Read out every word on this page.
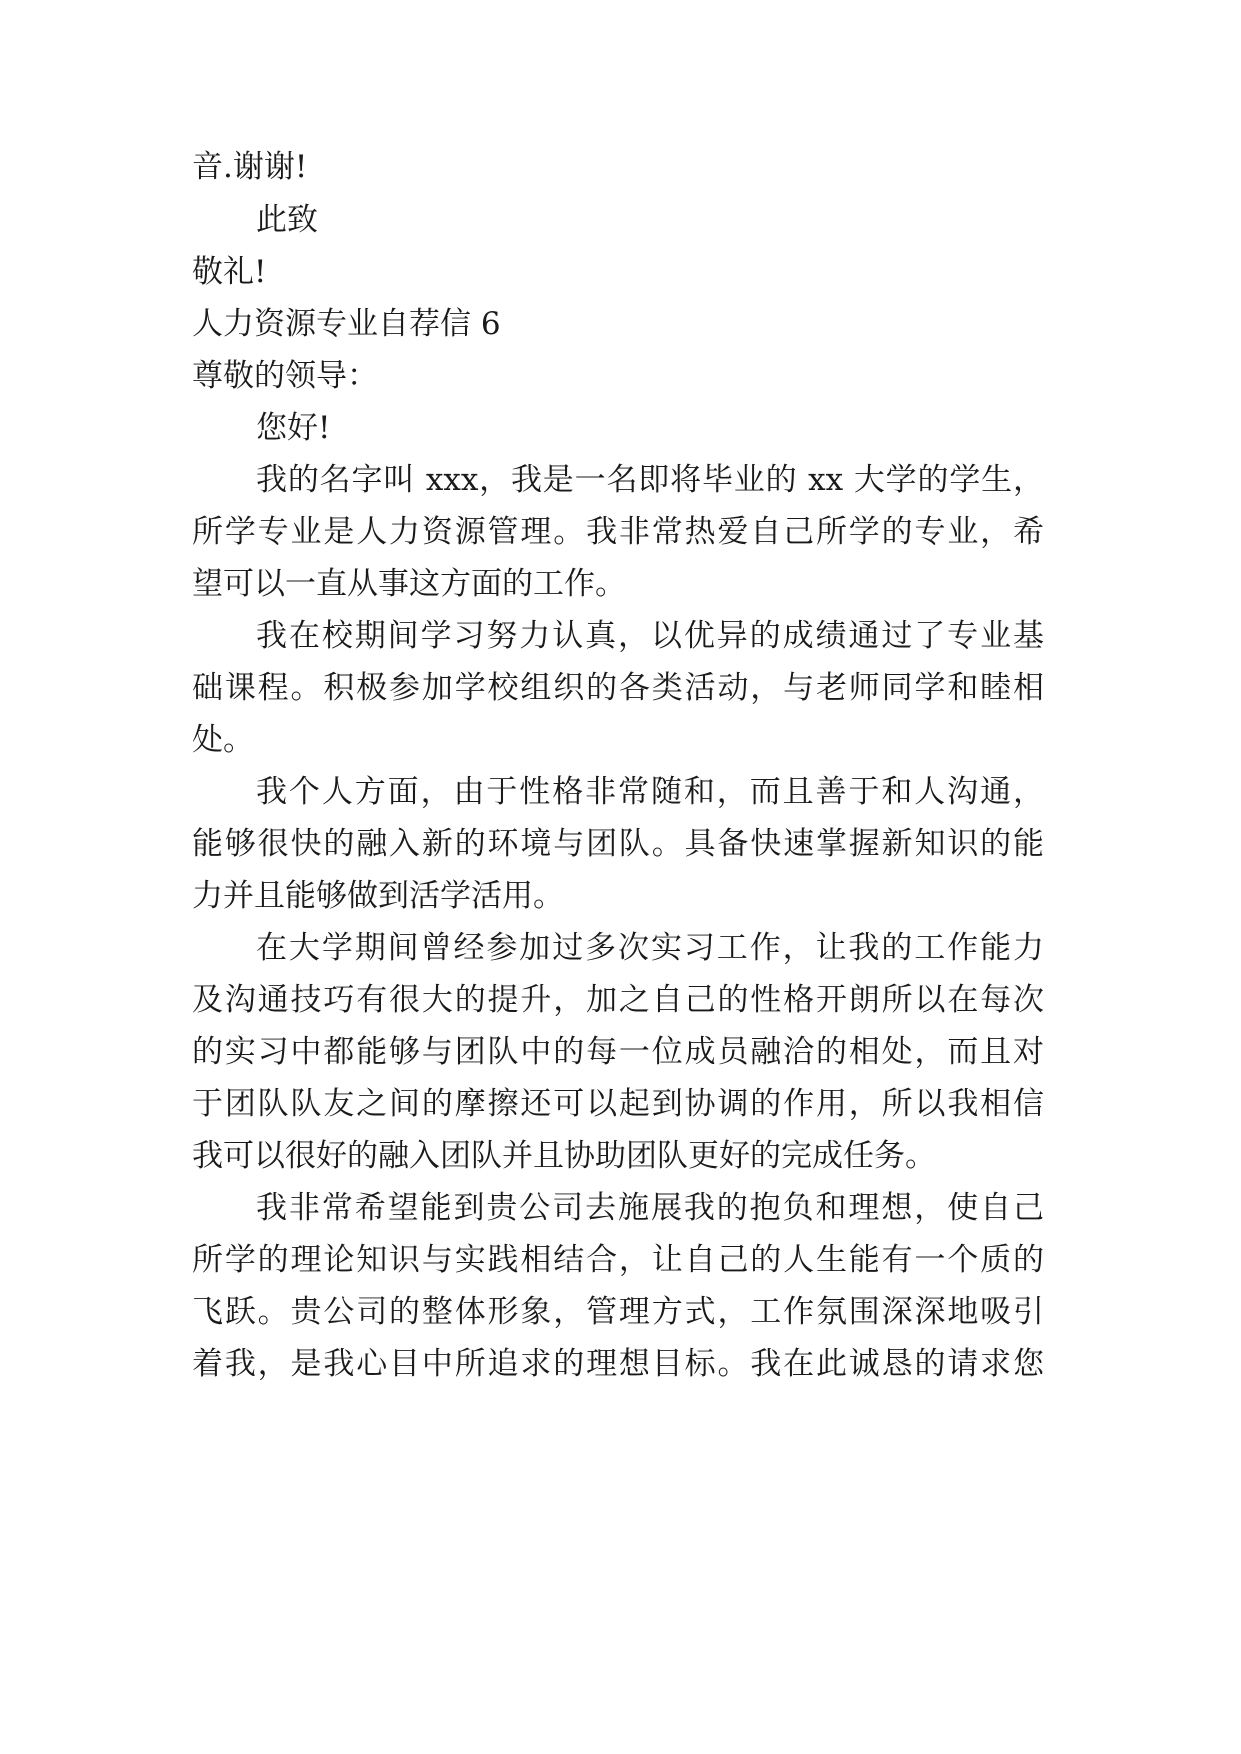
音.谢谢!
此致
敬礼!
人力资源专业自荐信 6
尊敬的领导：
您好!
我的名字叫 xxx，我是一名即将毕业的 xx 大学的学生，
所学专业是人力资源管理。我非常热爱自己所学的专业，希
望可以一直从事这方面的工作。
我在校期间学习努力认真，以优异的成绩通过了专业基
础课程。积极参加学校组织的各类活动，与老师同学和睦相
处。
我个人方面，由于性格非常随和，而且善于和人沟通，
能够很快的融入新的环境与团队。具备快速掌握新知识的能
力并且能够做到活学活用。
在大学期间曾经参加过多次实习工作，让我的工作能力
及沟通技巧有很大的提升，加之自己的性格开朗所以在每次
的实习中都能够与团队中的每一位成员融洽的相处，而且对
于团队队友之间的摩擦还可以起到协调的作用，所以我相信
我可以很好的融入团队并且协助团队更好的完成任务。
我非常希望能到贵公司去施展我的抱负和理想，使自己
所学的理论知识与实践相结合，让自己的人生能有一个质的
飞跃。贵公司的整体形象，管理方式，工作氛围深深地吸引
着我，是我心目中所追求的理想目标。我在此诚恳的请求您
